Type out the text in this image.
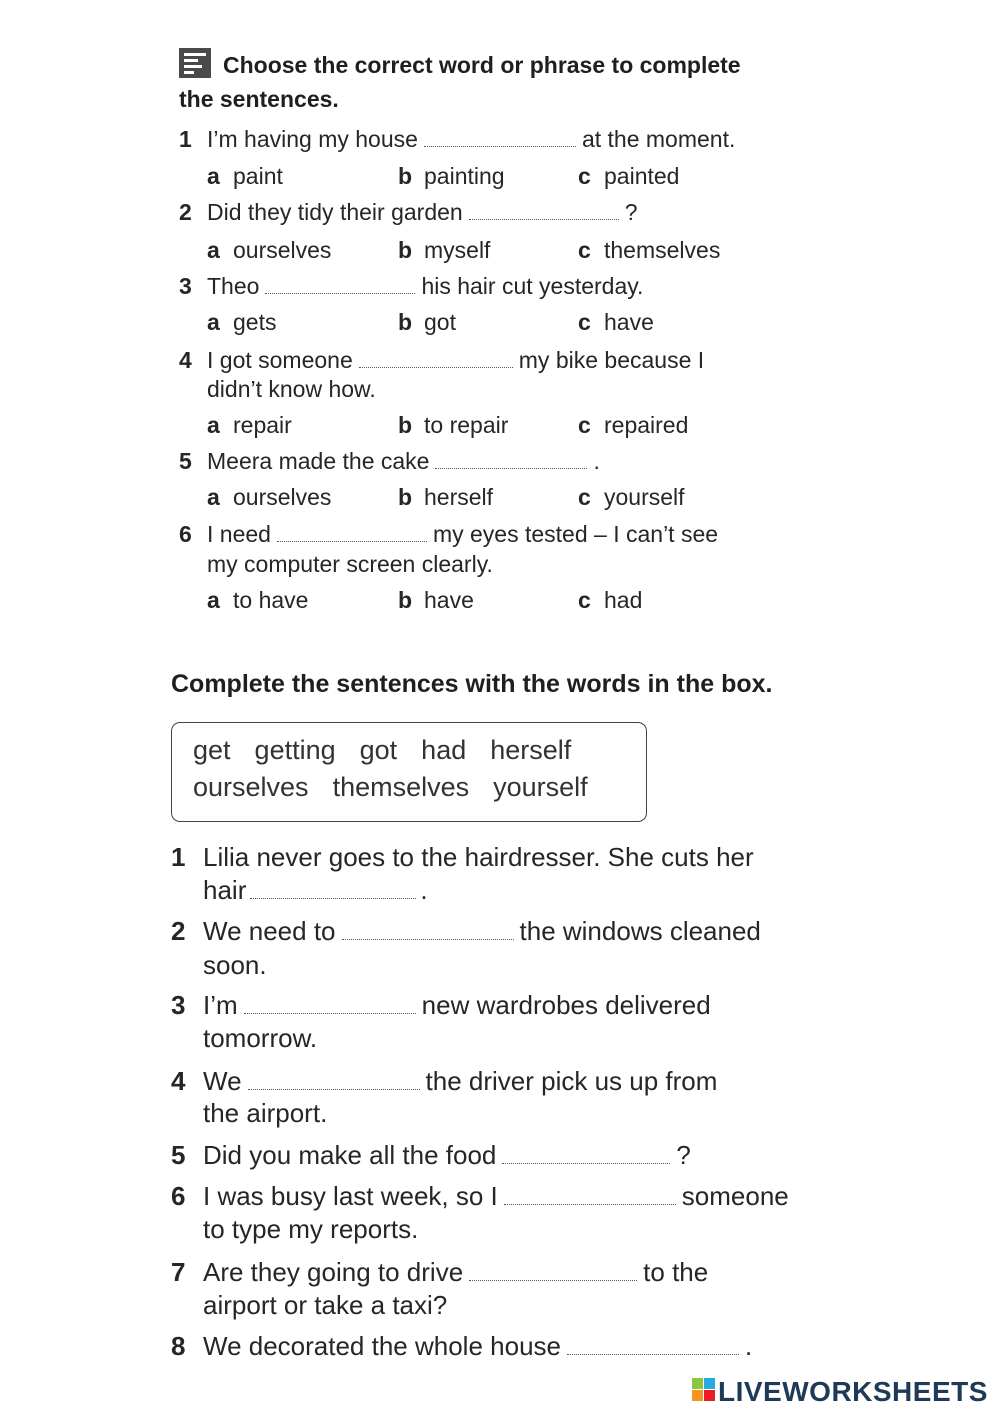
Choose the correct word or phrase to complete
the sentences.
1 I’m having my house	at the moment.
a paint	b painting	c painted
2 Did they tidy their garden	?
a ourselves	b myself	c themselves
3 Theo	his hair cut yesterday.
a gets	b got	c have
4 I got someone	my bike because I
didn’t know how.
a repair	b to repair	c repaired
5 Meera made the cake	.
a ourselves	b herself	c yourself
6 I need	my eyes tested – I can’t see
my computer screen clearly.
a to have	b have	c had
Complete the sentences with the words in the box.
get getting got had herself
ourselves themselves yourself
1 Lilia never goes to the hairdresser. She cuts her
hair	.
2 We need to	the windows cleaned
soon.
3 I’m	new wardrobes delivered
tomorrow.
4 We	the driver pick us up from
the airport.
5 Did you make all the food	?
6 I was busy last week, so I	someone
to type my reports.
7 Are they going to drive	to the
airport or take a taxi?
8 We decorated the whole house	.
LIVEWORKSHEETS
